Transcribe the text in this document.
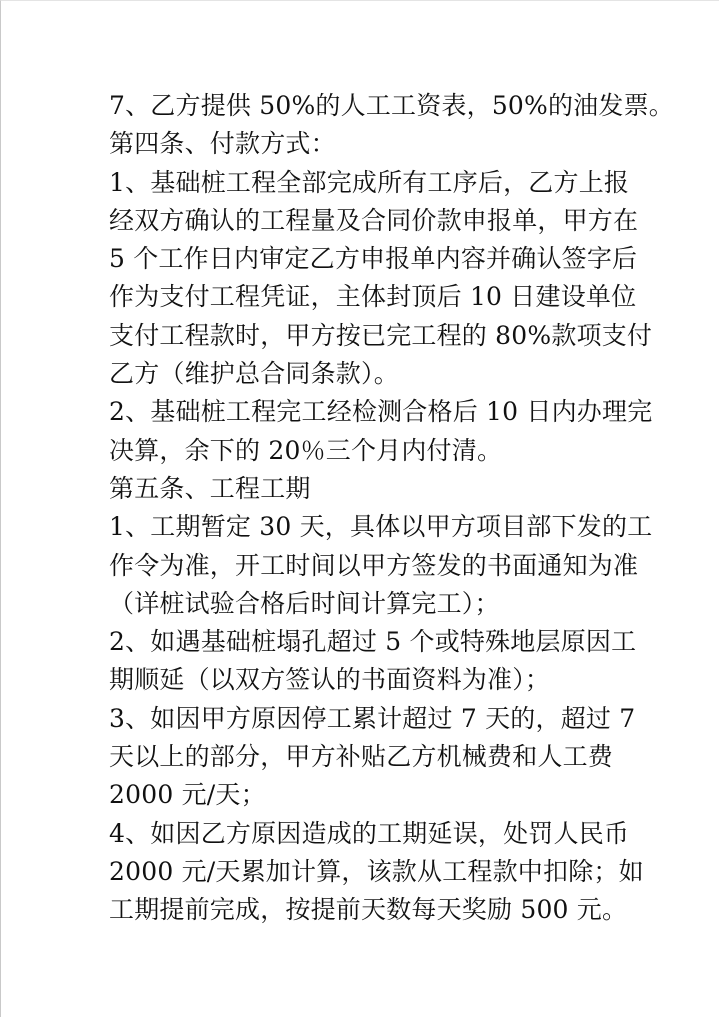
7、乙方提供 50%的人工工资表，50%的油发票。
第四条、付款方式：
1、基础桩工程全部完成所有工序后，乙方上报
经双方确认的工程量及合同价款申报单，甲方在
5 个工作日内审定乙方申报单内容并确认签字后
作为支付工程凭证，主体封顶后 10 日建设单位
支付工程款时，甲方按已完工程的 80%款项支付
乙方（维护总合同条款）。
2、基础桩工程完工经检测合格后 10 日内办理完
决算，余下的 20％三个月内付清。
第五条、工程工期
1、工期暂定 30 天，具体以甲方项目部下发的工
作令为准，开工时间以甲方签发的书面通知为准
（详桩试验合格后时间计算完工）；
2、如遇基础桩塌孔超过 5 个或特殊地层原因工
期顺延（以双方签认的书面资料为准）；
3、如因甲方原因停工累计超过 7 天的，超过 7
天以上的部分，甲方补贴乙方机械费和人工费
2000 元/天；
4、如因乙方原因造成的工期延误，处罚人民币
2000 元/天累加计算，该款从工程款中扣除；如
工期提前完成，按提前天数每天奖励 500 元。
